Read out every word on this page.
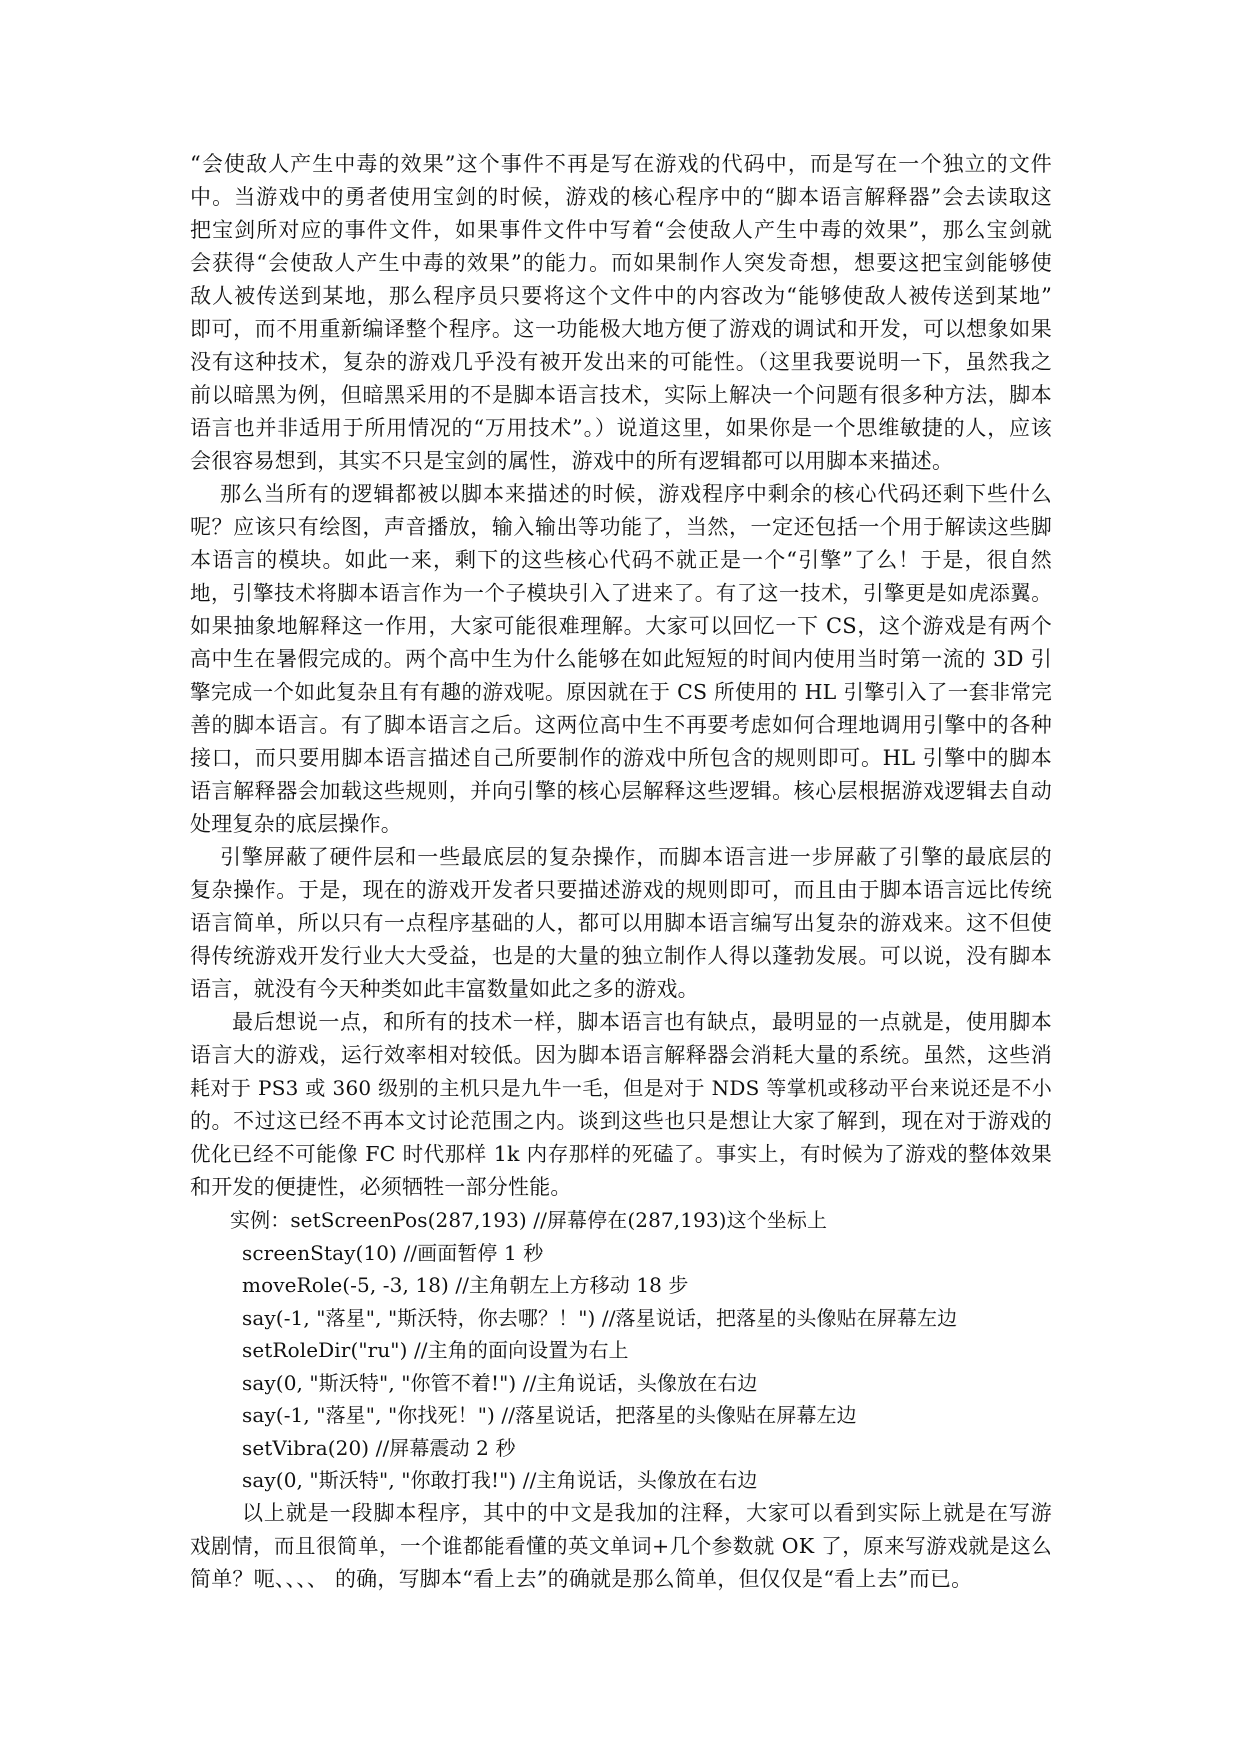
“会使敌人产生中毒的效果”这个事件不再是写在游戏的代码中，而是写在一个独立的文件
中。当游戏中的勇者使用宝剑的时候，游戏的核心程序中的“脚本语言解释器”会去读取这
把宝剑所对应的事件文件，如果事件文件中写着“会使敌人产生中毒的效果”，那么宝剑就
会获得“会使敌人产生中毒的效果”的能力。而如果制作人突发奇想，想要这把宝剑能够使
敌人被传送到某地，那么程序员只要将这个文件中的内容改为“能够使敌人被传送到某地”
即可，而不用重新编译整个程序。这一功能极大地方便了游戏的调试和开发，可以想象如果
没有这种技术，复杂的游戏几乎没有被开发出来的可能性。（这里我要说明一下，虽然我之
前以暗黑为例，但暗黑采用的不是脚本语言技术，实际上解决一个问题有很多种方法，脚本
语言也并非适用于所用情况的“万用技术”。）说道这里，如果你是一个思维敏捷的人，应该
会很容易想到，其实不只是宝剑的属性，游戏中的所有逻辑都可以用脚本来描述。
那么当所有的逻辑都被以脚本来描述的时候，游戏程序中剩余的核心代码还剩下些什么
呢？应该只有绘图，声音播放，输入输出等功能了，当然，一定还包括一个用于解读这些脚
本语言的模块。如此一来，剩下的这些核心代码不就正是一个“引擎”了么！于是，很自然
地，引擎技术将脚本语言作为一个子模块引入了进来了。有了这一技术，引擎更是如虎添翼。
如果抽象地解释这一作用，大家可能很难理解。大家可以回忆一下 CS，这个游戏是有两个
高中生在暑假完成的。两个高中生为什么能够在如此短短的时间内使用当时第一流的 3D 引
擎完成一个如此复杂且有有趣的游戏呢。原因就在于 CS 所使用的 HL 引擎引入了一套非常完
善的脚本语言。有了脚本语言之后。这两位高中生不再要考虑如何合理地调用引擎中的各种
接口，而只要用脚本语言描述自己所要制作的游戏中所包含的规则即可。HL 引擎中的脚本
语言解释器会加载这些规则，并向引擎的核心层解释这些逻辑。核心层根据游戏逻辑去自动
处理复杂的底层操作。
引擎屏蔽了硬件层和一些最底层的复杂操作，而脚本语言进一步屏蔽了引擎的最底层的
复杂操作。于是，现在的游戏开发者只要描述游戏的规则即可，而且由于脚本语言远比传统
语言简单，所以只有一点程序基础的人，都可以用脚本语言编写出复杂的游戏来。这不但使
得传统游戏开发行业大大受益，也是的大量的独立制作人得以蓬勃发展。可以说，没有脚本
语言，就没有今天种类如此丰富数量如此之多的游戏。
最后想说一点，和所有的技术一样，脚本语言也有缺点，最明显的一点就是，使用脚本
语言大的游戏，运行效率相对较低。因为脚本语言解释器会消耗大量的系统。虽然，这些消
耗对于 PS3 或 360 级别的主机只是九牛一毛，但是对于 NDS 等掌机或移动平台来说还是不小
的。不过这已经不再本文讨论范围之内。谈到这些也只是想让大家了解到，现在对于游戏的
优化已经不可能像 FC 时代那样 1k 内存那样的死磕了。事实上，有时候为了游戏的整体效果
和开发的便捷性，必须牺牲一部分性能。
实例：setScreenPos(287,193) //屏幕停在(287,193)这个坐标上
screenStay(10) //画面暂停 1 秒
moveRole(-5, -3, 18) //主角朝左上方移动 18 步
say(-1, "落星", "斯沃特，你去哪？！") //落星说话，把落星的头像贴在屏幕左边
setRoleDir("ru") //主角的面向设置为右上
say(0, "斯沃特", "你管不着!") //主角说话，头像放在右边
say(-1, "落星", "你找死！") //落星说话，把落星的头像贴在屏幕左边
setVibra(20) //屏幕震动 2 秒
say(0, "斯沃特", "你敢打我!") //主角说话，头像放在右边
以上就是一段脚本程序，其中的中文是我加的注释，大家可以看到实际上就是在写游
戏剧情，而且很简单，一个谁都能看懂的英文单词+几个参数就 OK 了，原来写游戏就是这么
简单？呃、、、、 的确，写脚本“看上去”的确就是那么简单，但仅仅是“看上去”而已。
